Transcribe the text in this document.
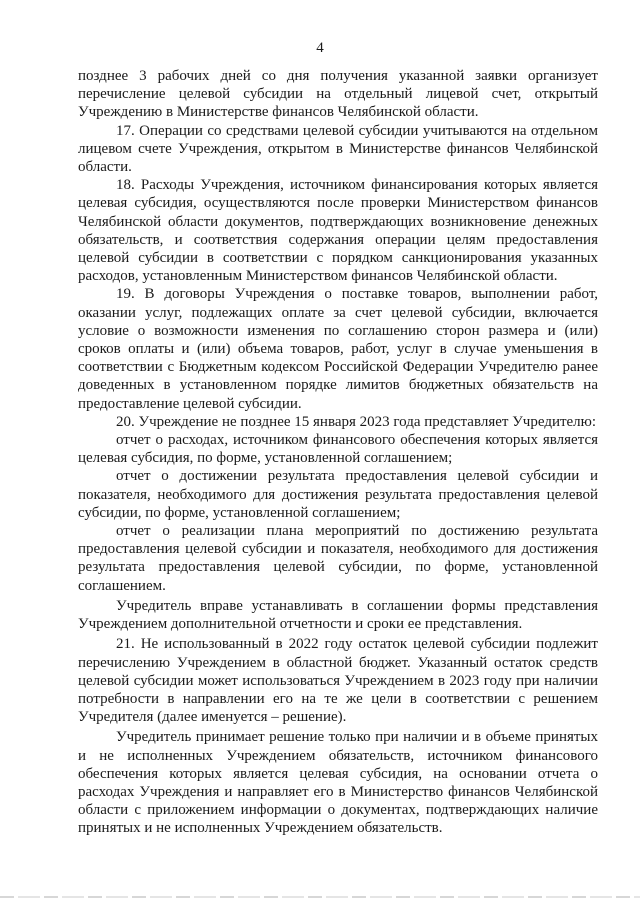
4

позднее 3 рабочих дней со дня получения указанной заявки организует перечисление целевой субсидии на отдельный лицевой счет, открытый Учреждению в Министерстве финансов Челябинской области.

17. Операции со средствами целевой субсидии учитываются на отдельном лицевом счете Учреждения, открытом в Министерстве финансов Челябинской области.

18. Расходы Учреждения, источником финансирования которых является целевая субсидия, осуществляются после проверки Министерством финансов Челябинской области документов, подтверждающих возникновение денежных обязательств, и соответствия содержания операции целям предоставления целевой субсидии в соответствии с порядком санкционирования указанных расходов, установленным Министерством финансов Челябинской области.

19. В договоры Учреждения о поставке товаров, выполнении работ, оказании услуг, подлежащих оплате за счет целевой субсидии, включается условие о возможности изменения по соглашению сторон размера и (или) сроков оплаты и (или) объема товаров, работ, услуг в случае уменьшения в соответствии с Бюджетным кодексом Российской Федерации Учредителю ранее доведенных в установленном порядке лимитов бюджетных обязательств на предоставление целевой субсидии.

20. Учреждение не позднее 15 января 2023 года представляет Учредителю:

отчет о расходах, источником финансового обеспечения которых является целевая субсидия, по форме, установленной соглашением;

отчет о достижении результата предоставления целевой субсидии и показателя, необходимого для достижения результата предоставления целевой субсидии, по форме, установленной соглашением;

отчет о реализации плана мероприятий по достижению результата предоставления целевой субсидии и показателя, необходимого для достижения результата предоставления целевой субсидии, по форме, установленной соглашением.

Учредитель вправе устанавливать в соглашении формы представления Учреждением дополнительной отчетности и сроки ее представления.

21. Не использованный в 2022 году остаток целевой субсидии подлежит перечислению Учреждением в областной бюджет. Указанный остаток средств целевой субсидии может использоваться Учреждением в 2023 году при наличии потребности в направлении его на те же цели в соответствии с решением Учредителя (далее именуется – решение).

Учредитель принимает решение только при наличии и в объеме принятых и не исполненных Учреждением обязательств, источником финансового обеспечения которых является целевая субсидия, на основании отчета о расходах Учреждения и направляет его в Министерство финансов Челябинской области с приложением информации о документах, подтверждающих наличие принятых и не исполненных Учреждением обязательств.
